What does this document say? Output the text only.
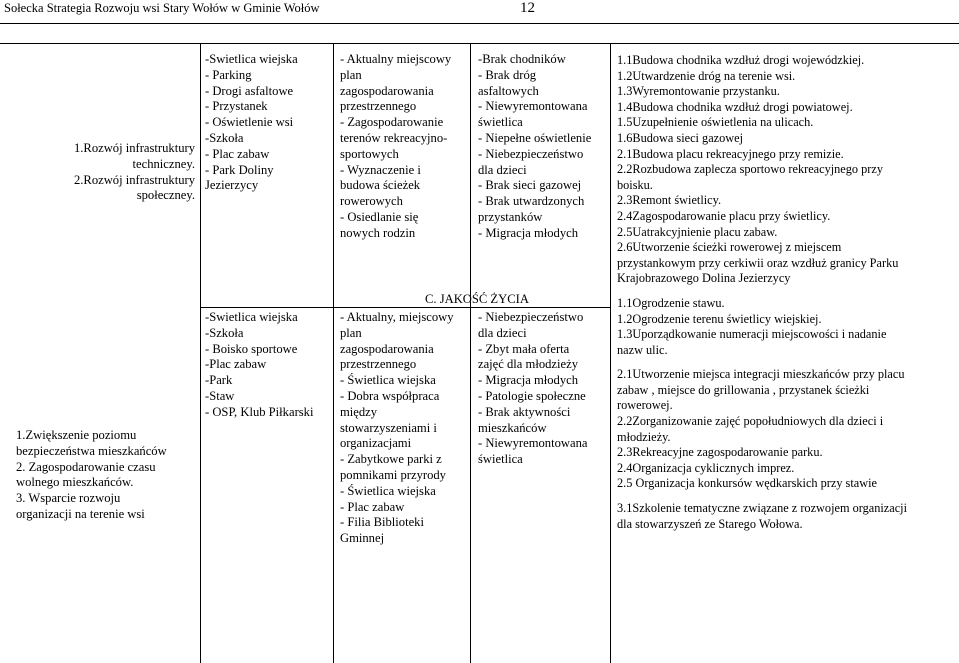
Sołecka Strategia Rozwoju wsi Stary Wołów w Gminie Wołów	12
1.Rozwój infrastruktury
techniczney.
2.Rozwój infrastruktury
społeczney.
-Swietlica wiejska
- Parking
- Drogi asfaltowe
- Przystanek
- Oświetlenie wsi
-Szkoła
- Plac zabaw
- Park Doliny
Jezierzycy
- Aktualny miejscowy
plan
zagospodarowania
przestrzennego
- Zagospodarowanie
terenów rekreacyjno-
sportowych
- Wyznaczenie i
budowa ścieżek
rowerowych
- Osiedlanie się
nowych rodzin
-Brak chodników
- Brak dróg
asfaltowych
- Niewyremontowana
świetlica
- Niepełne oświetlenie
- Niebezpieczeństwo
dla dzieci
- Brak sieci gazowej
- Brak utwardzonych
przystanków
- Migracja młodych
C. JAKOŚĆ ŻYCIA
1.Zwiększenie poziomu
bezpieczeństwa mieszkańców
2. Zagospodarowanie czasu
wolnego mieszkańców.
3. Wsparcie rozwoju
organizacji na terenie wsi
-Swietlica wiejska
-Szkoła
- Boisko sportowe
-Plac zabaw
-Park
-Staw
- OSP, Klub Piłkarski
- Aktualny, miejscowy
plan
zagospodarowania
przestrzennego
- Świetlica wiejska
- Dobra współpraca
między
stowarzyszeniami i
organizacjami
- Zabytkowe parki z
pomnikami przyrody
- Świetlica wiejska
- Plac zabaw
- Filia Biblioteki
Gminnej
- Niebezpieczeństwo
dla dzieci
- Zbyt mała oferta
zajęć dla młodzieży
- Migracja młodych
- Patologie społeczne
- Brak aktywności
mieszkańców
- Niewyremontowana
świetlica
1.1Budowa chodnika wzdłuż drogi wojewódzkiej.
1.2Utwardzenie dróg na terenie wsi.
1.3Wyremontowanie przystanku.
1.4Budowa chodnika wzdłuż drogi powiatowej.
1.5Uzupełnienie oświetlenia na ulicach.
1.6Budowa sieci gazowej
2.1Budowa placu rekreacyjnego przy remizie.
2.2Rozbudowa zaplecza sportowo rekreacyjnego przy
boisku.
2.3Remont świetlicy.
2.4Zagospodarowanie placu przy świetlicy.
2.5Uatrakcyjnienie placu zabaw.
2.6Utworzenie ścieżki rowerowej z miejscem
przystankowym przy cerkiwii oraz wzdłuż granicy Parku
Krajobrazowego Dolina Jezierzycy
1.1Ogrodzenie stawu.
1.2Ogrodzenie terenu świetlicy wiejskiej.
1.3Uporządkowanie numeracji miejscowości i nadanie
nazw ulic.
2.1Utworzenie miejsca integracji mieszkańców przy placu
zabaw , miejsce do grillowania , przystanek ścieżki
rowerowej.
2.2Zorganizowanie zajęć popołudniowych dla dzieci i
młodzieży.
2.3Rekreacyjne zagospodarowanie parku.
2.4Organizacja cyklicznych imprez.
2.5 Organizacja konkursów wędkarskich przy stawie
3.1Szkolenie tematyczne związane z rozwojem organizacji
dla stowarzyszeń ze Starego Wołowa.
